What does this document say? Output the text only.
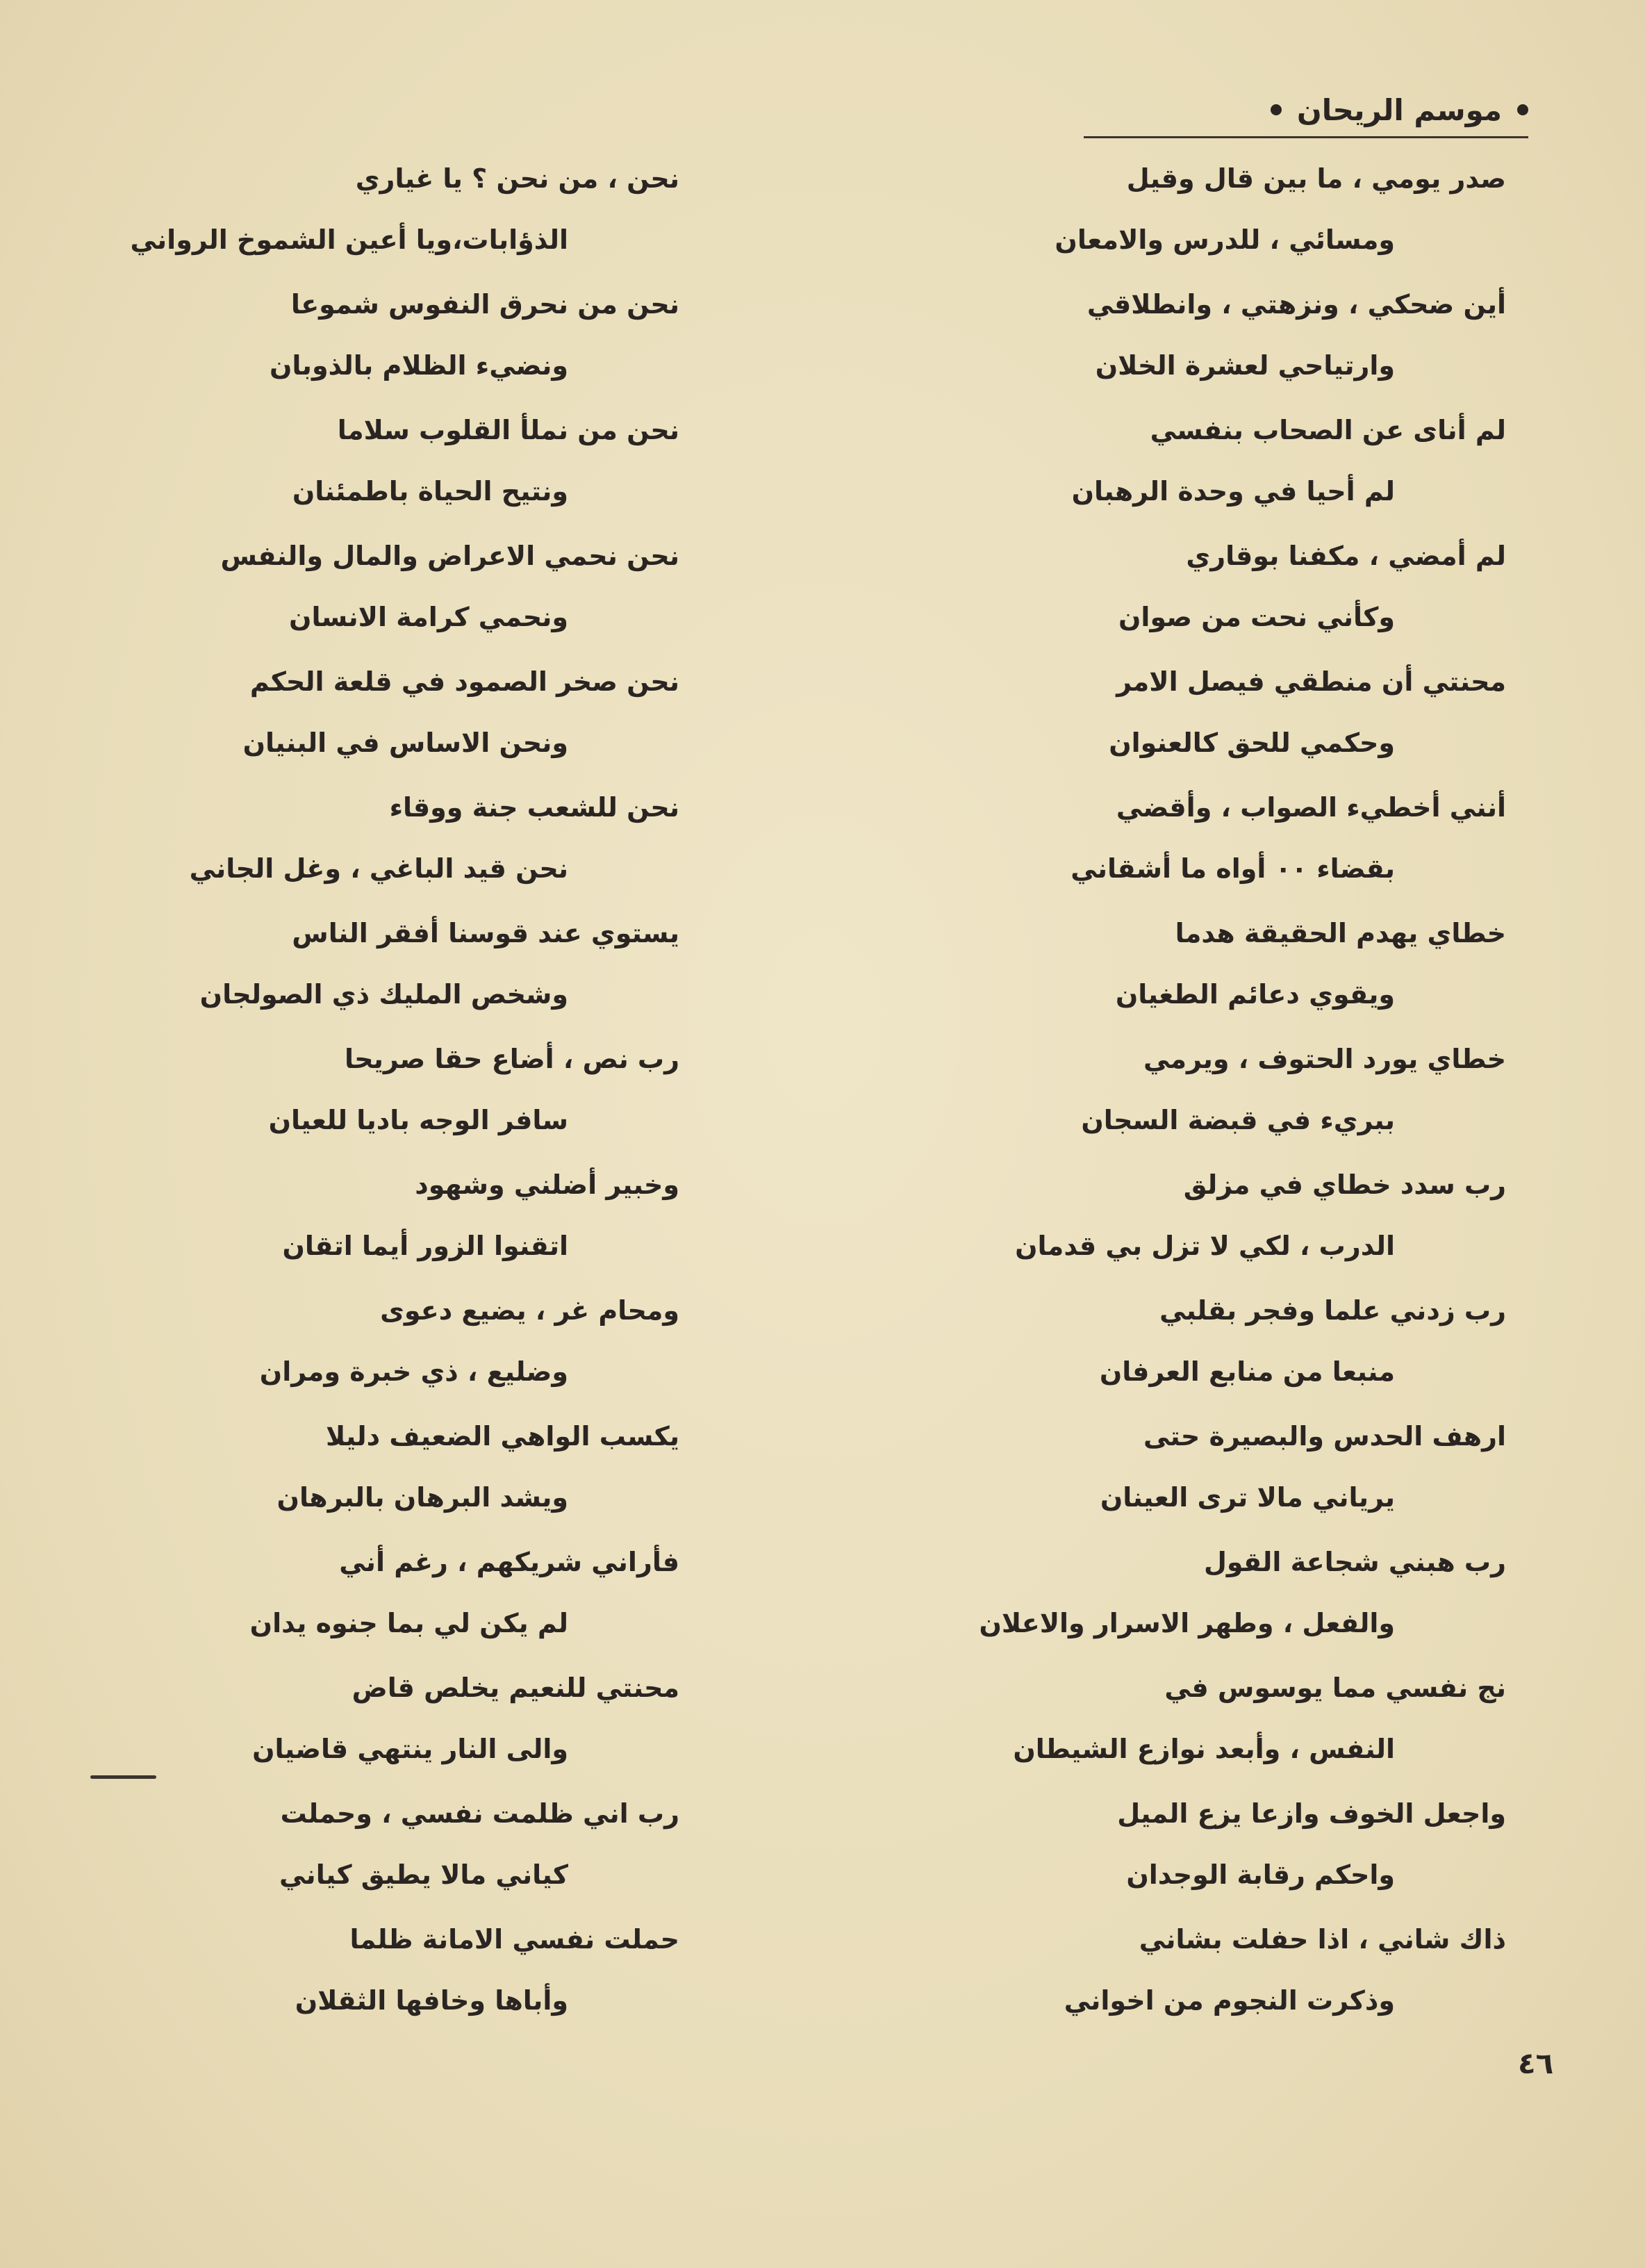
موسم الريحان
صدر يومي ، ما بين قال وقيل
ومسائي ، للدرس والامعان
أين ضحكي ، ونزهتي ، وانطلاقي
وارتياحي لعشرة الخلان
لم أناى عن الصحاب بنفسي
لم أحيا في وحدة الرهبان
لم أمضي ، مكفنا بوقاري
وكأني نحت من صوان
محنتي أن منطقي فيصل الامر
وحكمي للحق كالعنوان
أنني أخطيء الصواب ، وأقضي
بقضاء ٠٠ أواه ما أشقاني
خطاي يهدم الحقيقة هدما
ويقوي دعائم الطغيان
خطاي يورد الحتوف ، ويرمي
ببريء في قبضة السجان
رب سدد خطاي في مزلق
الدرب ، لكي لا تزل بي قدمان
رب زدني علما وفجر بقلبي
منبعا من منابع العرفان
ارهف الحدس والبصيرة حتى
يرياني مالا ترى العينان
رب هبني شجاعة القول
والفعل ، وطهر الاسرار والاعلان
نج نفسي مما يوسوس في
النفس ، وأبعد نوازع الشيطان
واجعل الخوف وازعا يزع الميل
واحكم رقابة الوجدان
ذاك شاني ، اذا حفلت بشاني
وذكرت النجوم من اخواني
نحن ، من نحن ؟ يا غياري
الذؤابات،ويا أعين الشموخ الرواني
نحن من نحرق النفوس شموعا
ونضيء الظلام بالذوبان
نحن من نملأ القلوب سلاما
ونتيح الحياة باطمئنان
نحن نحمي الاعراض والمال والنفس
ونحمي كرامة الانسان
نحن صخر الصمود في قلعة الحكم
ونحن الاساس في البنيان
نحن للشعب جنة ووقاء
نحن قيد الباغي ، وغل الجاني
يستوي عند قوسنا أفقر الناس
وشخص المليك ذي الصولجان
رب نص ، أضاع حقا صريحا
سافر الوجه باديا للعيان
وخبير أضلني وشهود
اتقنوا الزور أيما اتقان
ومحام غر ، يضيع دعوى
وضليع ، ذي خبرة ومران
يكسب الواهي الضعيف دليلا
ويشد البرهان بالبرهان
فأراني شريكهم ، رغم أني
لم يكن لي بما جنوه يدان
محنتي للنعيم يخلص قاض
والى النار ينتهي قاضيان
رب اني ظلمت نفسي ، وحملت
كياني مالا يطيق كياني
حملت نفسي الامانة ظلما
وأباها وخافها الثقلان
٤٦
